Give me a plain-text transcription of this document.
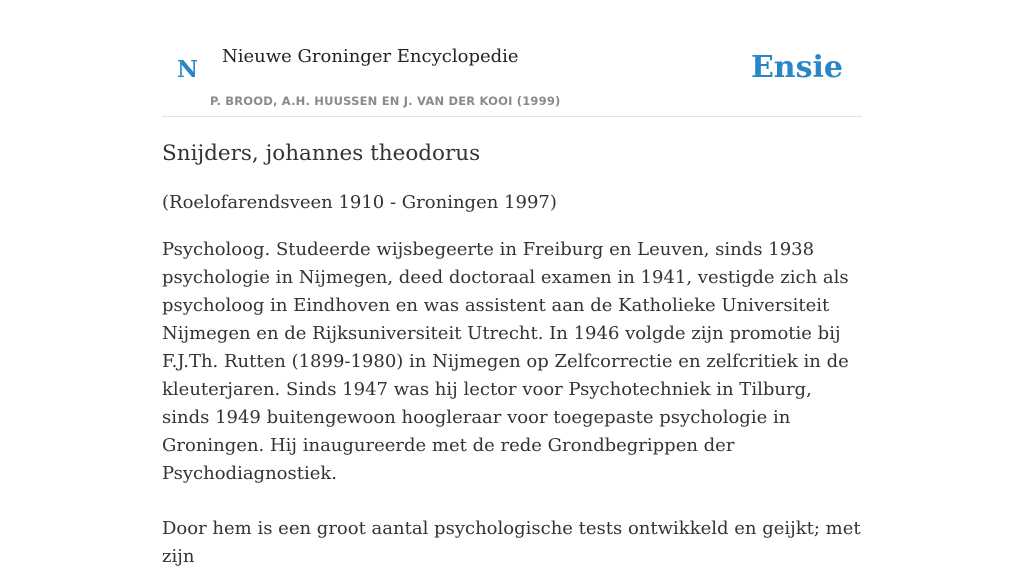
N Nieuwe Groninger Encyclopedie
P. BROOD, A.H. HUUSSEN EN J. VAN DER KOOI (1999)
Ensie
Snijders, johannes theodorus

(Roelofarendsveen 1910 - Groningen 1997)

Psycholoog. Studeerde wijsbegeerte in Freiburg en Leuven, sinds 1938 psychologie in Nijmegen, deed doctoraal examen in 1941, vestigde zich als psycholoog in Eindhoven en was assistent aan de Katholieke Universiteit Nijmegen en de Rijksuniversiteit Utrecht. In 1946 volgde zijn promotie bij F.J.Th. Rutten (1899-1980) in Nijmegen op Zelfcorrectie en zelfcritiek in de kleuterjaren. Sinds 1947 was hij lector voor Psychotechniek in Tilburg, sinds 1949 buitengewoon hoogleraar voor toegepaste psychologie in Groningen. Hij inaugureerde met de rede Grondbegrippen der Psychodiagnostiek.

Door hem is een groot aantal psychologische tests ontwikkeld en geijkt; met zijn
